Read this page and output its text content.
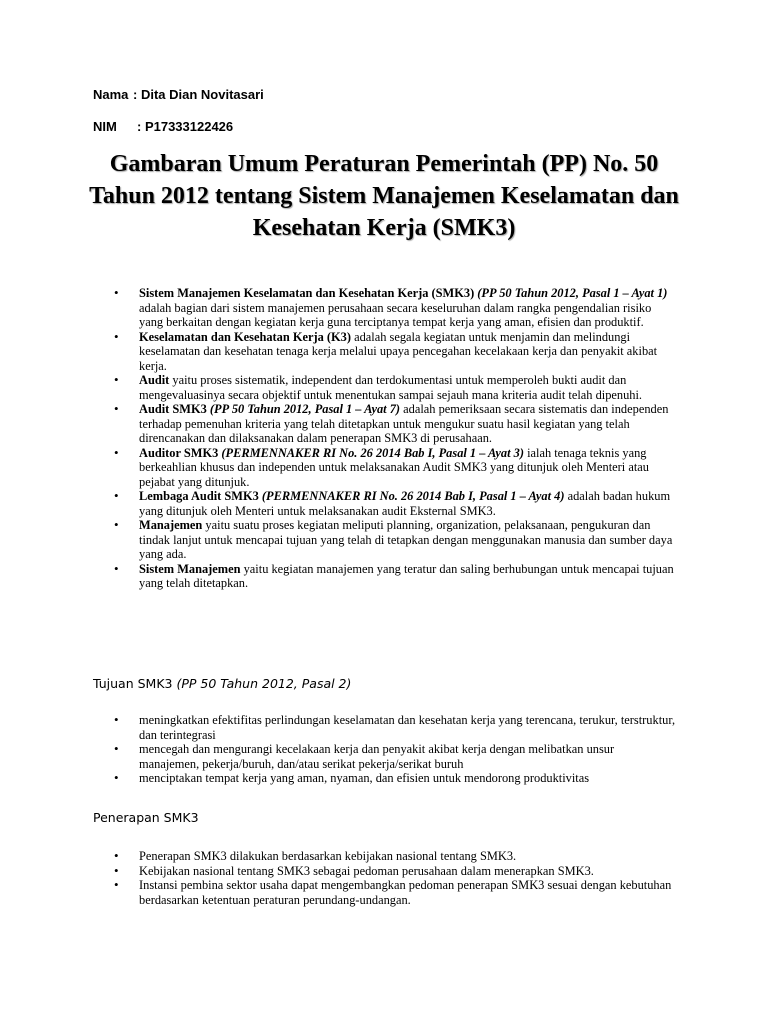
Nama : Dita Dian Novitasari
NIM : P17333122426
Gambaran Umum Peraturan Pemerintah (PP) No. 50 Tahun 2012 tentang Sistem Manajemen Keselamatan dan Kesehatan Kerja (SMK3)
• Sistem Manajemen Keselamatan dan Kesehatan Kerja (SMK3) (PP 50 Tahun 2012, Pasal 1 – Ayat 1) adalah bagian dari sistem manajemen perusahaan secara keseluruhan dalam rangka pengendalian risiko yang berkaitan dengan kegiatan kerja guna terciptanya tempat kerja yang aman, efisien dan produktif.
• Keselamatan dan Kesehatan Kerja (K3) adalah segala kegiatan untuk menjamin dan melindungi keselamatan dan kesehatan tenaga kerja melalui upaya pencegahan kecelakaan kerja dan penyakit akibat kerja.
• Audit yaitu proses sistematik, independent dan terdokumentasi untuk memperoleh bukti audit dan mengevaluasinya secara objektif untuk menentukan sampai sejauh mana kriteria audit telah dipenuhi.
• Audit SMK3 (PP 50 Tahun 2012, Pasal 1 – Ayat 7) adalah pemeriksaan secara sistematis dan independen terhadap pemenuhan kriteria yang telah ditetapkan untuk mengukur suatu hasil kegiatan yang telah direncanakan dan dilaksanakan dalam penerapan SMK3 di perusahaan.
• Auditor SMK3 (PERMENNAKER RI No. 26 2014 Bab I, Pasal 1 – Ayat 3) ialah tenaga teknis yang berkeahlian khusus dan independen untuk melaksanakan Audit SMK3 yang ditunjuk oleh Menteri atau pejabat yang ditunjuk.
• Lembaga Audit SMK3 (PERMENNAKER RI No. 26 2014 Bab I, Pasal 1 – Ayat 4) adalah badan hukum yang ditunjuk oleh Menteri untuk melaksanakan audit Eksternal SMK3.
• Manajemen yaitu suatu proses kegiatan meliputi planning, organization, pelaksanaan, pengukuran dan tindak lanjut untuk mencapai tujuan yang telah di tetapkan dengan menggunakan manusia dan sumber daya yang ada.
• Sistem Manajemen yaitu kegiatan manajemen yang teratur dan saling berhubungan untuk mencapai tujuan yang telah ditetapkan.
Tujuan SMK3 (PP 50 Tahun 2012, Pasal 2)
• meningkatkan efektifitas perlindungan keselamatan dan kesehatan kerja yang terencana, terukur, terstruktur, dan terintegrasi
• mencegah dan mengurangi kecelakaan kerja dan penyakit akibat kerja dengan melibatkan unsur manajemen, pekerja/buruh, dan/atau serikat pekerja/serikat buruh
• menciptakan tempat kerja yang aman, nyaman, dan efisien untuk mendorong produktivitas
Penerapan SMK3
• Penerapan SMK3 dilakukan berdasarkan kebijakan nasional tentang SMK3.
• Kebijakan nasional tentang SMK3 sebagai pedoman perusahaan dalam menerapkan SMK3.
• Instansi pembina sektor usaha dapat mengembangkan pedoman penerapan SMK3 sesuai dengan kebutuhan berdasarkan ketentuan peraturan perundang-undangan.
